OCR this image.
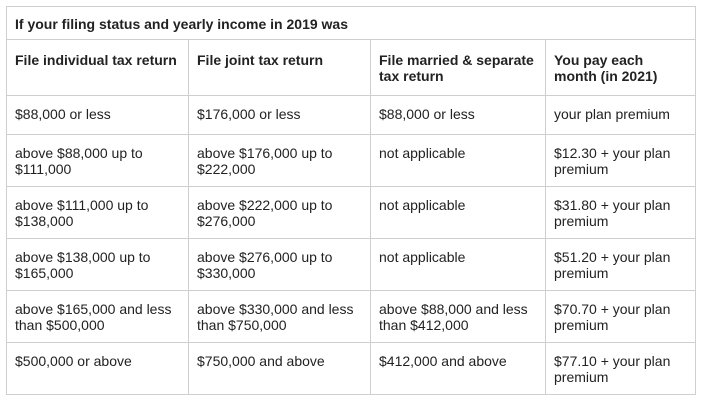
If your filing status and yearly income in 2019 was			
File individual tax return	File joint tax return	File married & separate tax return	You pay each month (in 2021)
$88,000 or less	$176,000 or less	$88,000 or less	your plan premium
above $88,000 up to $111,000	above $176,000 up to $222,000	not applicable	$12.30 + your plan premium
above $111,000 up to $138,000	above $222,000 up to $276,000	not applicable	$31.80 + your plan premium
above $138,000 up to $165,000	above $276,000 up to $330,000	not applicable	$51.20 + your plan premium
above $165,000 and less than $500,000	above $330,000 and less than $750,000	above $88,000 and less than $412,000	$70.70 + your plan premium
$500,000 or above	$750,000 and above	$412,000 and above	$77.10 + your plan premium
